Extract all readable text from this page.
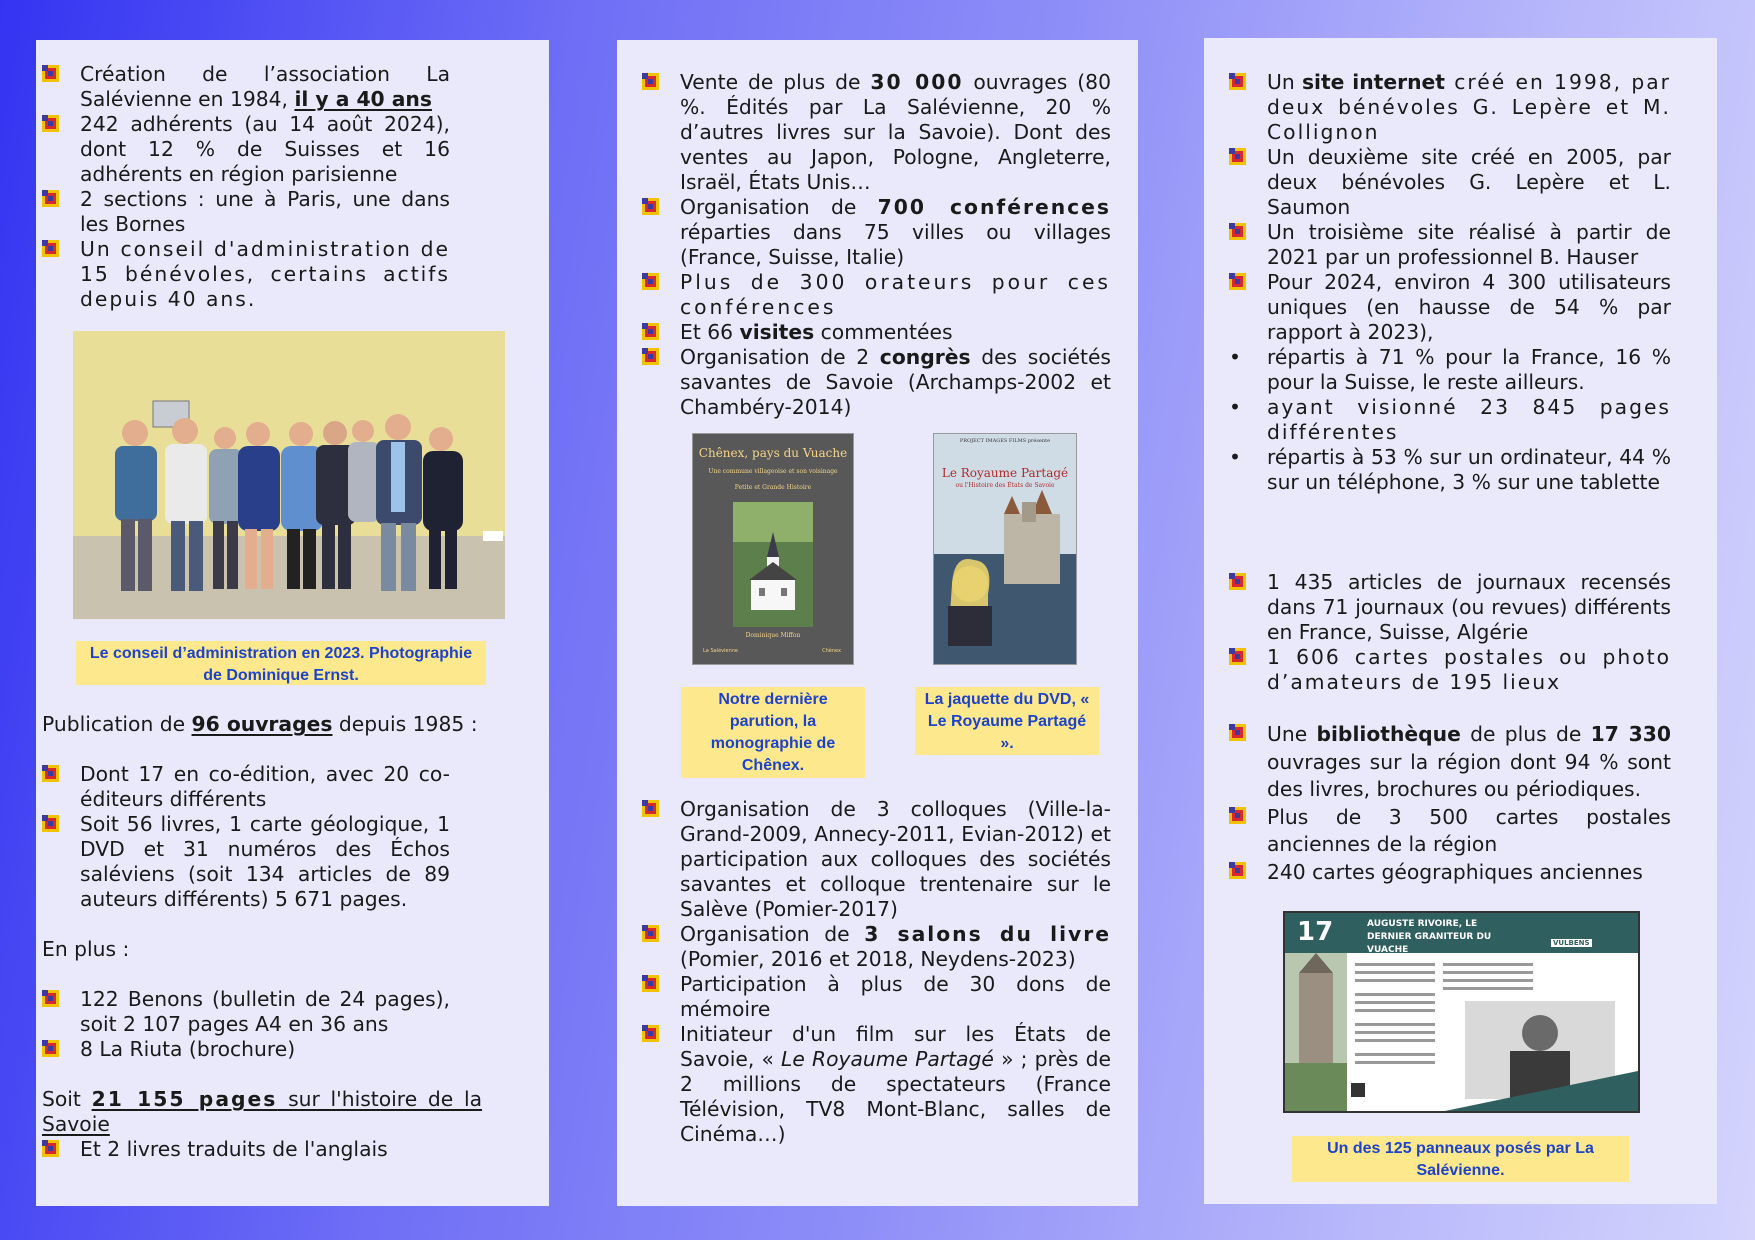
Création de l’association La Salévienne en 1984, il y a 40 ans

242 adhérents (au 14 août 2024), dont 12 % de Suisses et 16 adhérents en région parisienne

2 sections : une à Paris, une dans les Bornes

Un conseil d'administration de 15 bénévoles, certains actifs depuis 40 ans.

Le conseil d’administration en 2023. Photographie de Dominique Ernst.

Publication de 96 ouvrages depuis 1985 :

Dont 17 en co-édition, avec 20 co-éditeurs différents

Soit 56 livres, 1 carte géologique, 1 DVD et 31 numéros des Échos saléviens (soit 134 articles de 89 auteurs différents) 5 671 pages.

En plus :

122 Benons (bulletin de 24 pages), soit 2 107 pages A4 en 36 ans

8 La Riuta (brochure)

Soit 21 155 pages sur l'histoire de la Savoie

Et 2 livres traduits de l'anglais

Vente de plus de 30 000 ouvrages (80 %. Édités par La Salévienne, 20 % d’autres livres sur la Savoie). Dont des ventes au Japon, Pologne, Angleterre, Israël, États Unis…

Organisation de 700 conférences réparties dans 75 villes ou villages (France, Suisse, Italie)

Plus de 300 orateurs pour ces conférences

Et 66 visites commentées

Organisation de 2 congrès des sociétés savantes de Savoie (Archamps-2002 et Chambéry-2014)

Chênex, pays du Vuache
Une commune villageoise et son voisinage
Petite et Grande Histoire
Dominique Miffon
La Salévienne	Chênex
PROJECT IMAGES FILMS présente
Le Royaume Partagé
ou l'Histoire des États de Savoie
Notre dernière parution, la monographie de Chênex.
La jaquette du DVD, « Le Royaume Partagé ».

Organisation de 3 colloques (Ville-la-Grand-2009, Annecy-2011, Evian-2012) et participation aux colloques des sociétés savantes et colloque trentenaire sur le Salève (Pomier-2017)

Organisation de 3 salons du livre (Pomier, 2016 et 2018, Neydens-2023)

Participation à plus de 30 dons de mémoire

Initiateur d'un film sur les États de Savoie, « Le Royaume Partagé » ; près de 2 millions de spectateurs (France Télévision, TV8 Mont-Blanc, salles de Cinéma…)

Un site internet créé en 1998, par deux bénévoles G. Lepère et M. Collignon

Un deuxième site créé en 2005, par deux bénévoles G. Lepère et L. Saumon

Un troisième site réalisé à partir de 2021 par un professionnel B. Hauser

Pour 2024, environ 4 300 utilisateurs uniques (en hausse de 54 % par rapport à 2023),

• répartis à 71 % pour la France, 16 % pour la Suisse, le reste ailleurs.

• ayant visionné 23 845 pages différentes

• répartis à 53 % sur un ordinateur, 44 % sur un téléphone, 3 % sur une tablette

1 435 articles de journaux recensés dans 71 journaux (ou revues) différents en France, Suisse, Algérie

1 606 cartes postales ou photo d’amateurs de 195 lieux

Une bibliothèque de plus de 17 330 ouvrages sur la région dont 94 % sont des livres, brochures ou périodiques.

Plus de 3 500 cartes postales anciennes de la région

240 cartes géographiques anciennes

17	AUGUSTE RIVOIRE, LE DERNIER GRANITEUR DU VUACHE
VULBENS
Un des 125 panneaux posés par La Salévienne.
